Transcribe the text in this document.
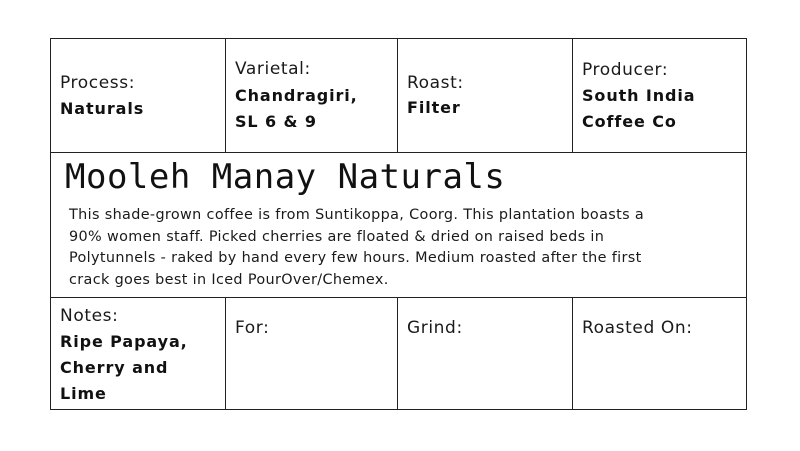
Process:
Naturals
Varietal:
Chandragiri,
SL 6 & 9
Roast:
Filter
Producer:
South India
Coffee Co
Mooleh Manay Naturals
This shade-grown coffee is from Suntikoppa, Coorg. This plantation boasts a
90% women staff. Picked cherries are floated & dried on raised beds in
Polytunnels - raked by hand every few hours. Medium roasted after the first
crack goes best in Iced PourOver/Chemex.
Notes:
Ripe Papaya,
Cherry and
Lime
For:	Grind:	Roasted On:
